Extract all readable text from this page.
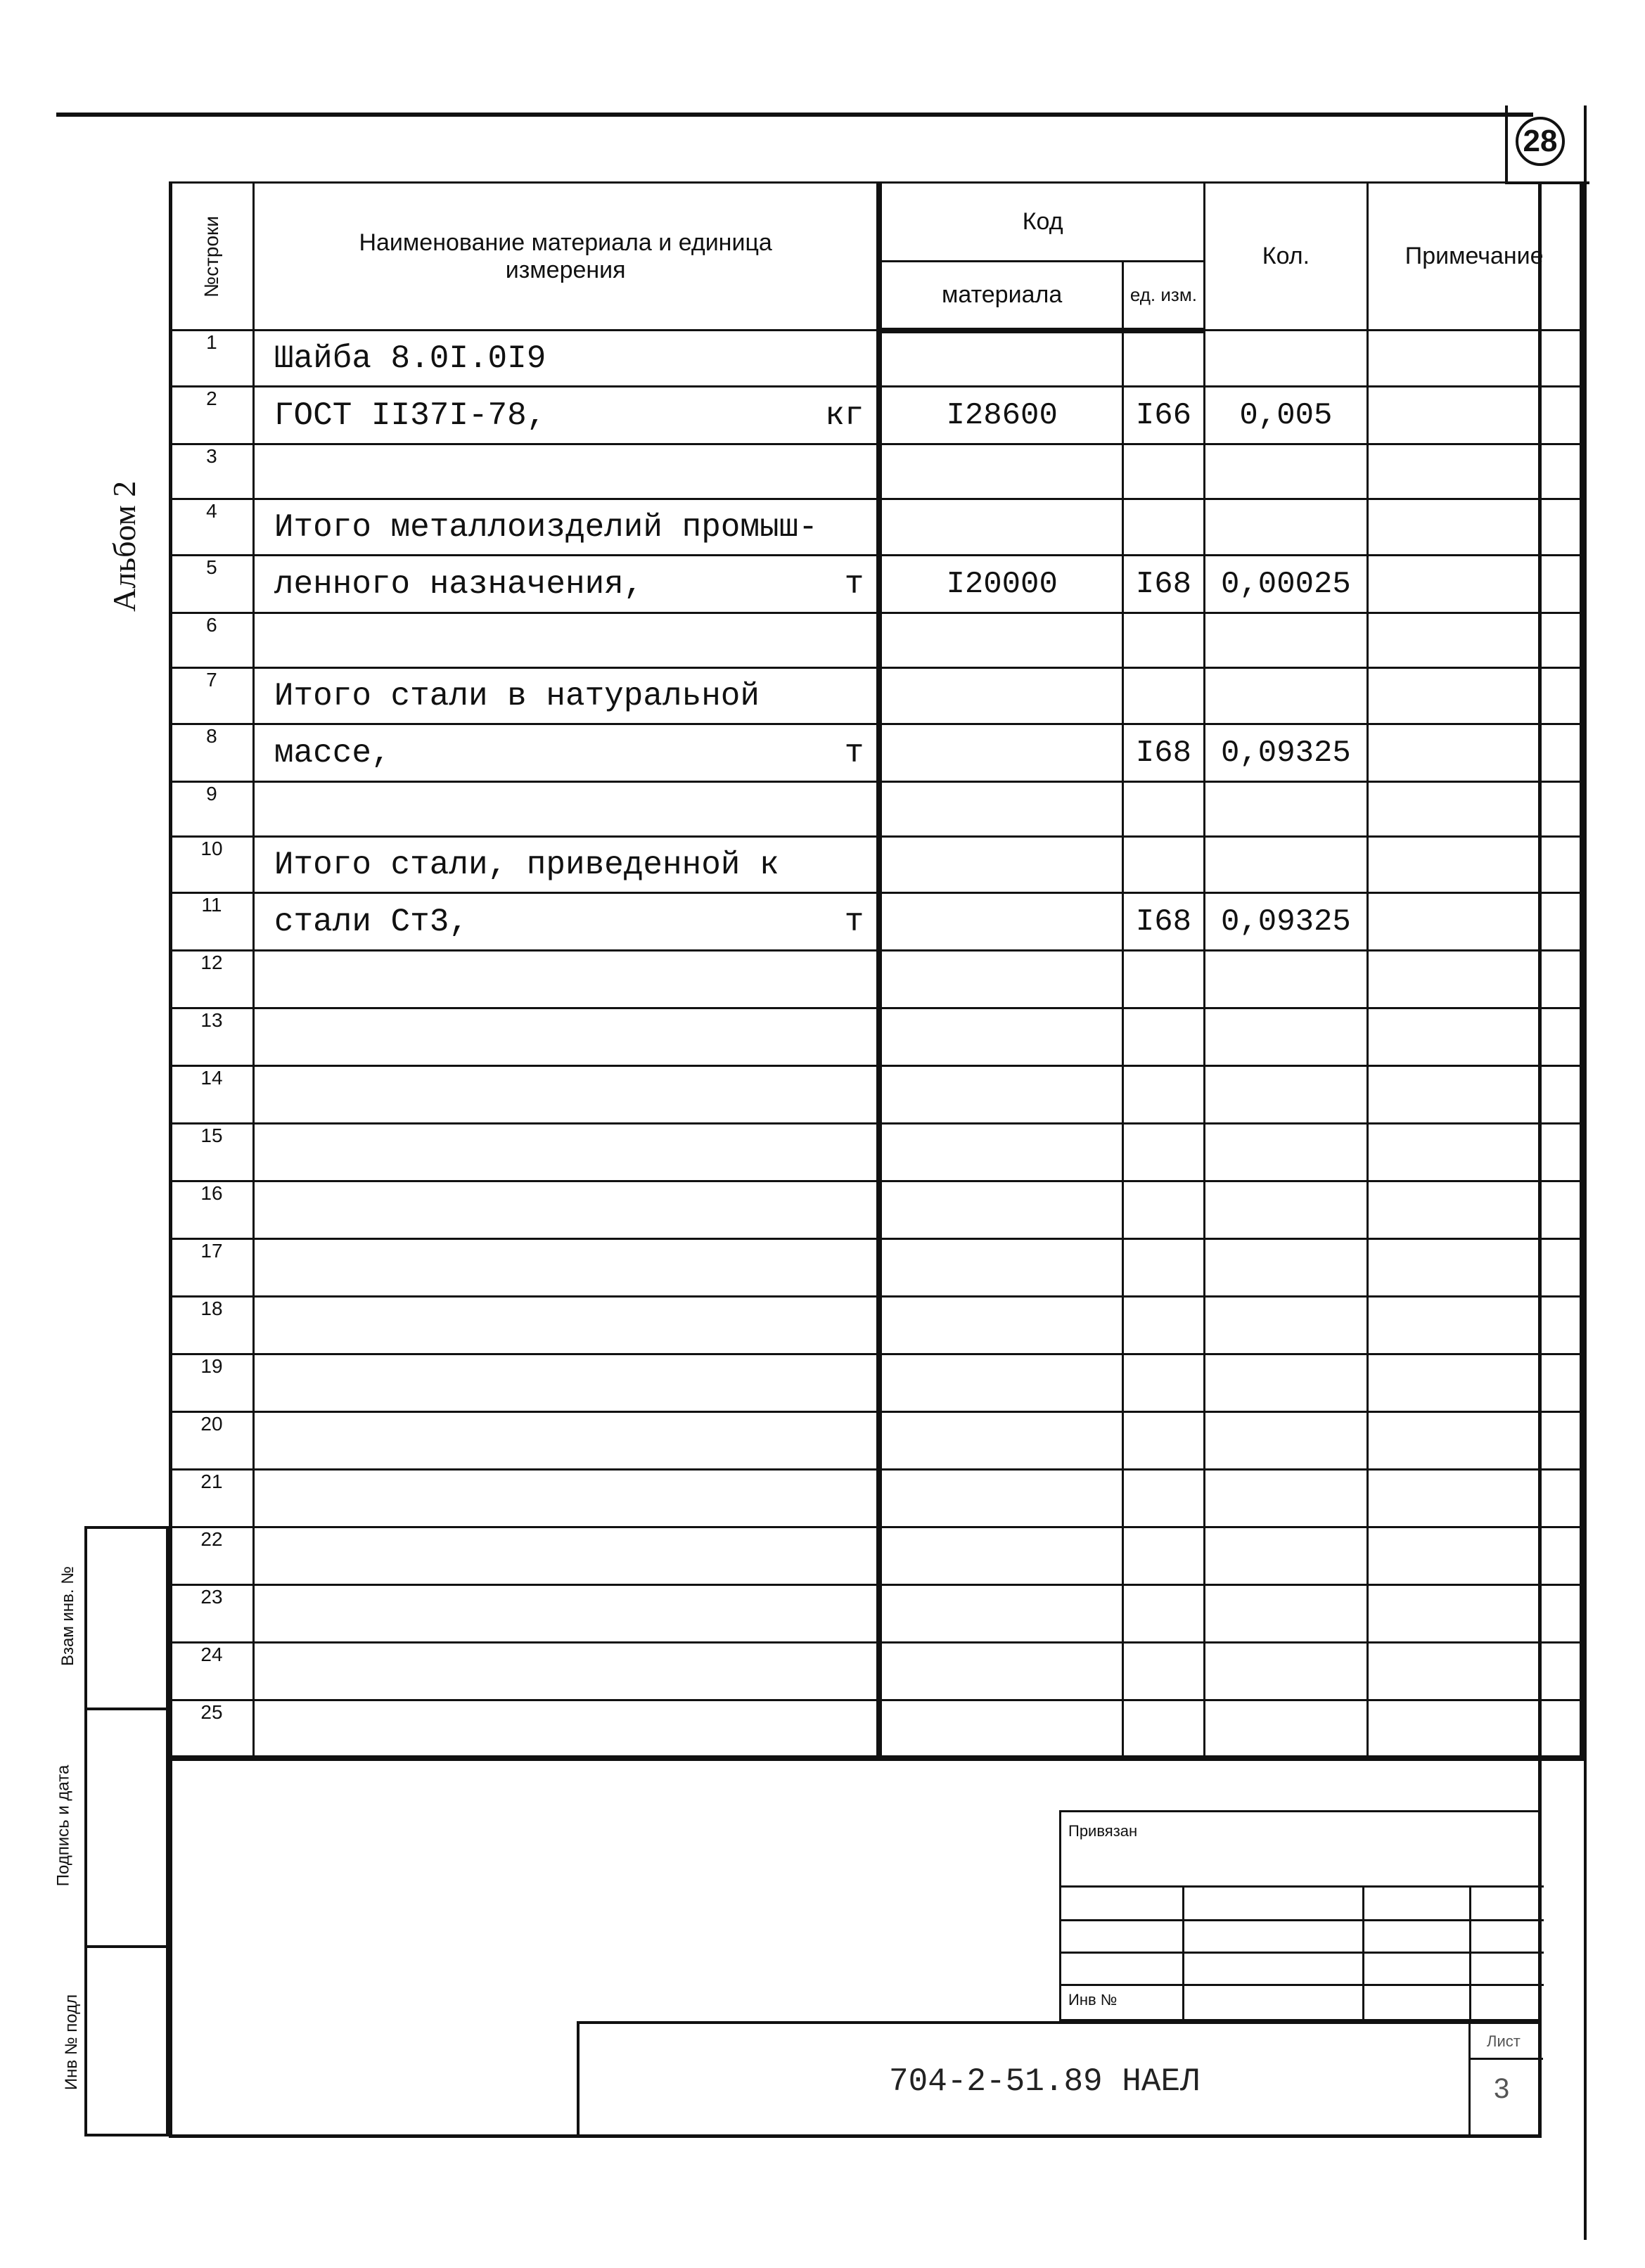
28
Альбом 2
№строки	Наименование материала и единица измерения	Код		Кол.	Примечание
		материала	ед. изм.		
1	Шайба 8.0I.0I9

2	ГОСТ II37I-78, кг	I28600	I66	0,005	
3	

4	Итого металлоизделий промыш-

5	ленного назначения, т	I20000	I68	0,00025	
6	

7	Итого стали в натуральной

8	массе, т		I68	0,09325	
9	

10	Итого стали, приведенной к

11	стали Ст3, т		I68	0,09325	
12	

13	

14	

15	

16	

17	

18	

19	

20	

21	

22	

23	

24	

25	

Взам инв. №
Подпись и дата
Инв № подл
Привязан
Инв №
704-2-51.89 НАЕЛ
Лист
3
